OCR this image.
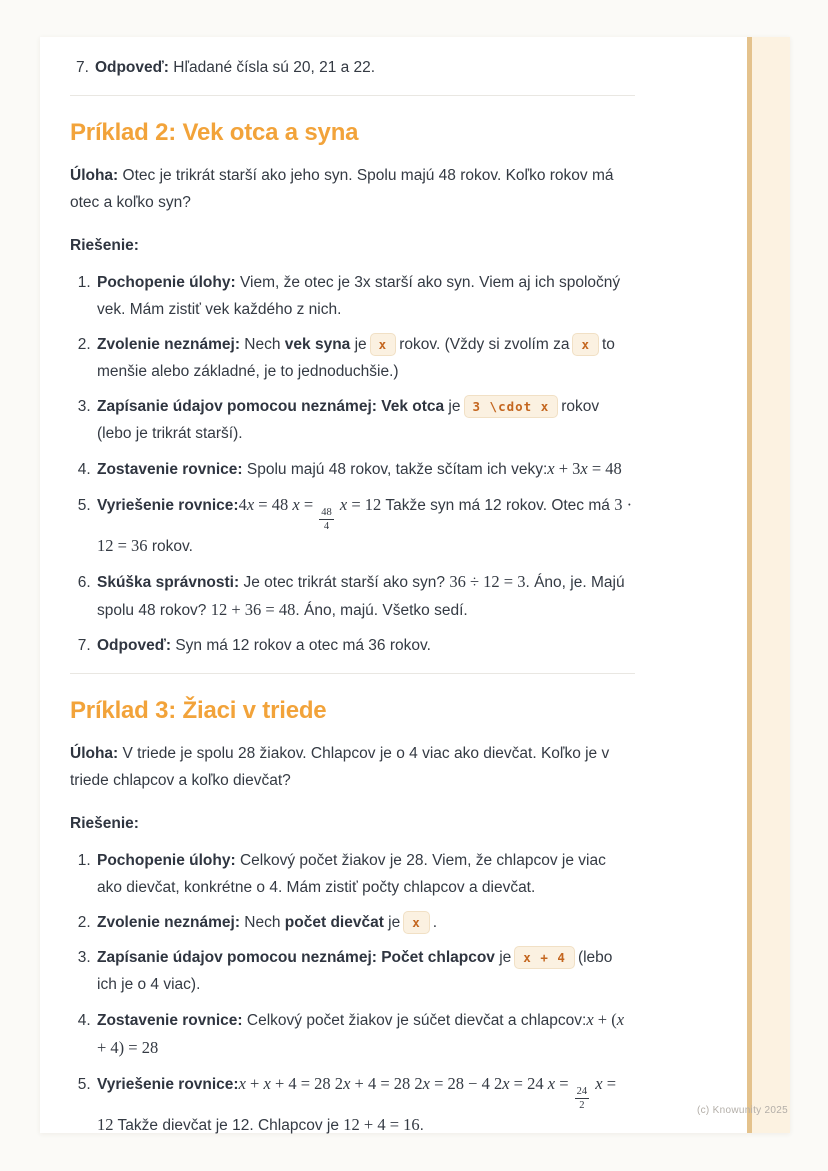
7. Odpoveď: Hľadané čísla sú 20, 21 a 22.
Príklad 2: Vek otca a syna

Úloha: Otec je trikrát starší ako jeho syn. Spolu majú 48 rokov. Koľko rokov má otec a koľko syn?

Riešenie:

1. Pochopenie úlohy: Viem, že otec je 3x starší ako syn. Viem aj ich spoločný vek. Mám zistiť vek každého z nich.
2. Zvolenie neznámej: Nech vek syna je x rokov. (Vždy si zvolím za x to menšie alebo základné, je to jednoduchšie.)
3. Zapísanie údajov pomocou neznámej: Vek otca je 3 \cdot x rokov (lebo je trikrát starší).
4. Zostavenie rovnice: Spolu majú 48 rokov, takže sčítam ich veky:x + 3x = 48
5. Vyriešenie rovnice:4x = 48 x =
$\frac{48}{4}$
x = 12 Takže syn má 12 rokov. Otec má 3 · 12 = 36 rokov.
6. Skúška správnosti: Je otec trikrát starší ako syn? 36 ÷ 12 = 3. Áno, je. Majú spolu 48 rokov? 12 + 36 = 48. Áno, majú. Všetko sedí.
7. Odpoveď: Syn má 12 rokov a otec má 36 rokov.
Príklad 3: Žiaci v triede

Úloha: V triede je spolu 28 žiakov. Chlapcov je o 4 viac ako dievčat. Koľko je v triede chlapcov a koľko dievčat?

Riešenie:

1. Pochopenie úlohy: Celkový počet žiakov je 28. Viem, že chlapcov je viac ako dievčat, konkrétne o 4. Mám zistiť počty chlapcov a dievčat.
2. Zvolenie neznámej: Nech počet dievčat je x .
3. Zapísanie údajov pomocou neznámej: Počet chlapcov je x + 4 (lebo ich je o 4 viac).
4. Zostavenie rovnice: Celkový počet žiakov je súčet dievčat a chlapcov:x + (x + 4) = 28
5. Vyriešenie rovnice:x + x + 4 = 28 2x + 4 = 28 2x = 28 − 4 2x = 24 x =
$\frac{24}{2}$
x = 12 Takže dievčat je 12. Chlapcov je 12 + 4 = 16.
(c) Knowunity 2025
